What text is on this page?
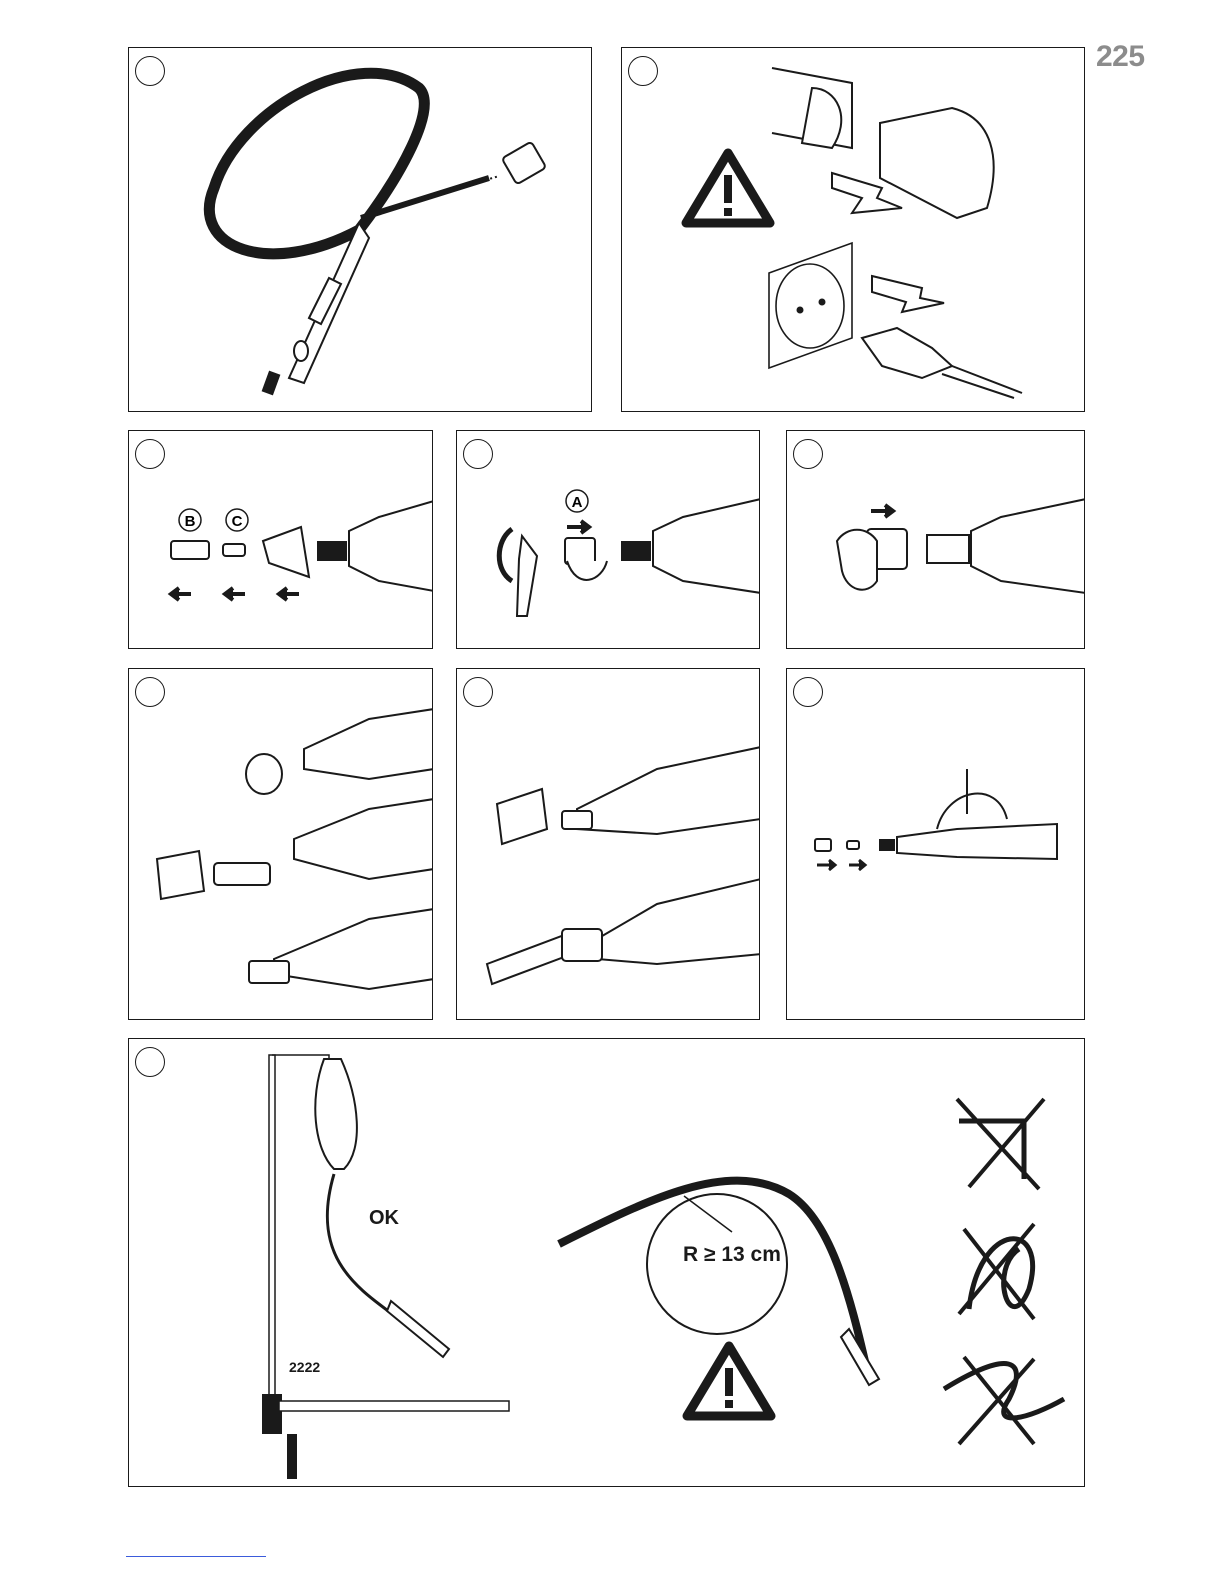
225
B C
A
OK
2222
R ≥ 13 cm
